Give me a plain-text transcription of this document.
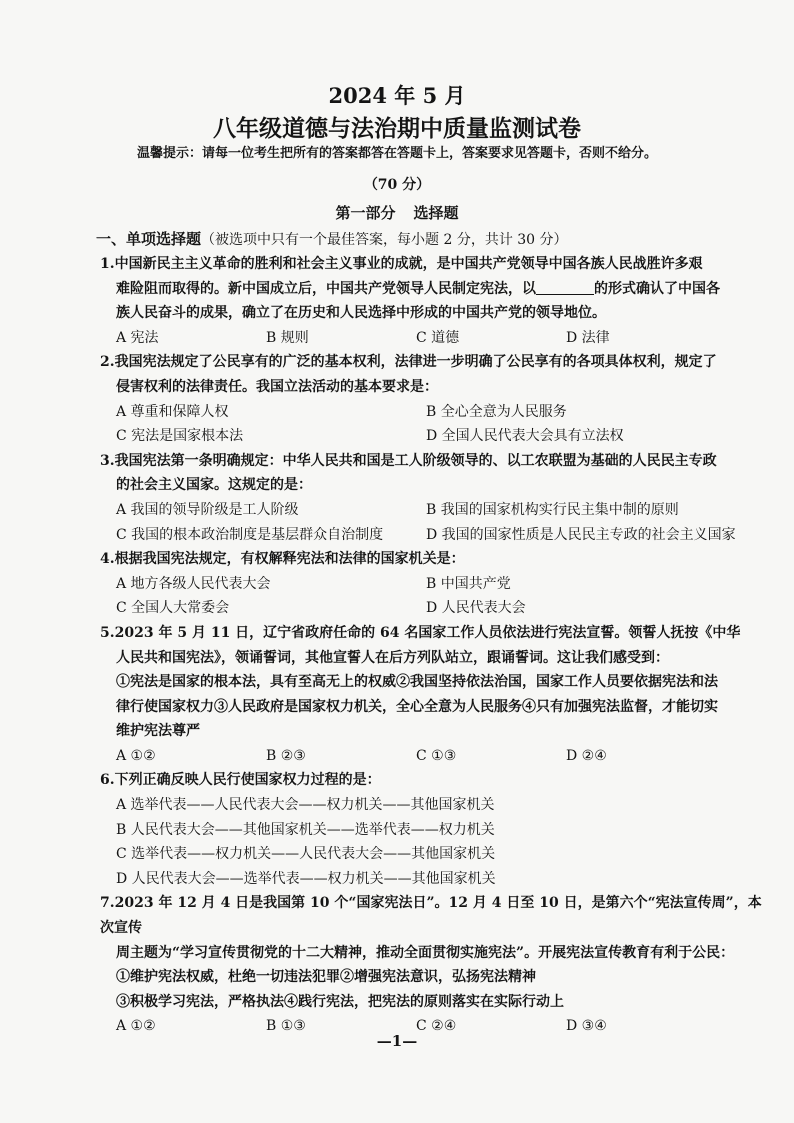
2024 年 5 月
八年级道德与法治期中质量监测试卷
温馨提示：请每一位考生把所有的答案都答在答题卡上，答案要求见答题卡，否则不给分。
（70 分）
第一部分 选择题
一、单项选择题（被选项中只有一个最佳答案，每小题 2 分，共计 30 分）
1.中国新民主主义革命的胜利和社会主义事业的成就，是中国共产党领导中国各族人民战胜许多艰
难险阻而取得的。新中国成立后，中国共产党领导人民制定宪法，以	的形式确认了中国各
族人民奋斗的成果，确立了在历史和人民选择中形成的中国共产党的领导地位。
A 宪法	B 规则	C 道德	D 法律
2.我国宪法规定了公民享有的广泛的基本权利，法律进一步明确了公民享有的各项具体权利，规定了
侵害权利的法律责任。我国立法活动的基本要求是：
A 尊重和保障人权	B 全心全意为人民服务
C 宪法是国家根本法	D 全国人民代表大会具有立法权
3.我国宪法第一条明确规定：中华人民共和国是工人阶级领导的、以工农联盟为基础的人民民主专政
的社会主义国家。这规定的是：
A 我国的领导阶级是工人阶级	B 我国的国家机构实行民主集中制的原则
C 我国的根本政治制度是基层群众自治制度	D 我国的国家性质是人民民主专政的社会主义国家
4.根据我国宪法规定，有权解释宪法和法律的国家机关是：
A 地方各级人民代表大会	B 中国共产党
C 全国人大常委会	D 人民代表大会
5.2023 年 5 月 11 日，辽宁省政府任命的 64 名国家工作人员依法进行宪法宣誓。领誓人抚按《中华
人民共和国宪法》，领诵誓词，其他宣誓人在后方列队站立，跟诵誓词。这让我们感受到：
①宪法是国家的根本法，具有至高无上的权威②我国坚持依法治国，国家工作人员要依据宪法和法
律行使国家权力③人民政府是国家权力机关，全心全意为人民服务④只有加强宪法监督，才能切实
维护宪法尊严
A ①②	B ②③	C ①③	D ②④
6.下列正确反映人民行使国家权力过程的是：
A 选举代表——人民代表大会——权力机关——其他国家机关
B 人民代表大会——其他国家机关——选举代表——权力机关
C 选举代表——权力机关——人民代表大会——其他国家机关
D 人民代表大会——选举代表——权力机关——其他国家机关
7.2023 年 12 月 4 日是我国第 10 个“国家宪法日”。12 月 4 日至 10 日，是第六个“宪法宣传周”，本次宣传
周主题为“学习宣传贯彻党的十二大精神，推动全面贯彻实施宪法”。开展宪法宣传教育有利于公民：
①维护宪法权威，杜绝一切违法犯罪②增强宪法意识，弘扬宪法精神
③积极学习宪法，严格执法④践行宪法，把宪法的原则落实在实际行动上
A ①②	B ①③	C ②④	D ③④
—1—
